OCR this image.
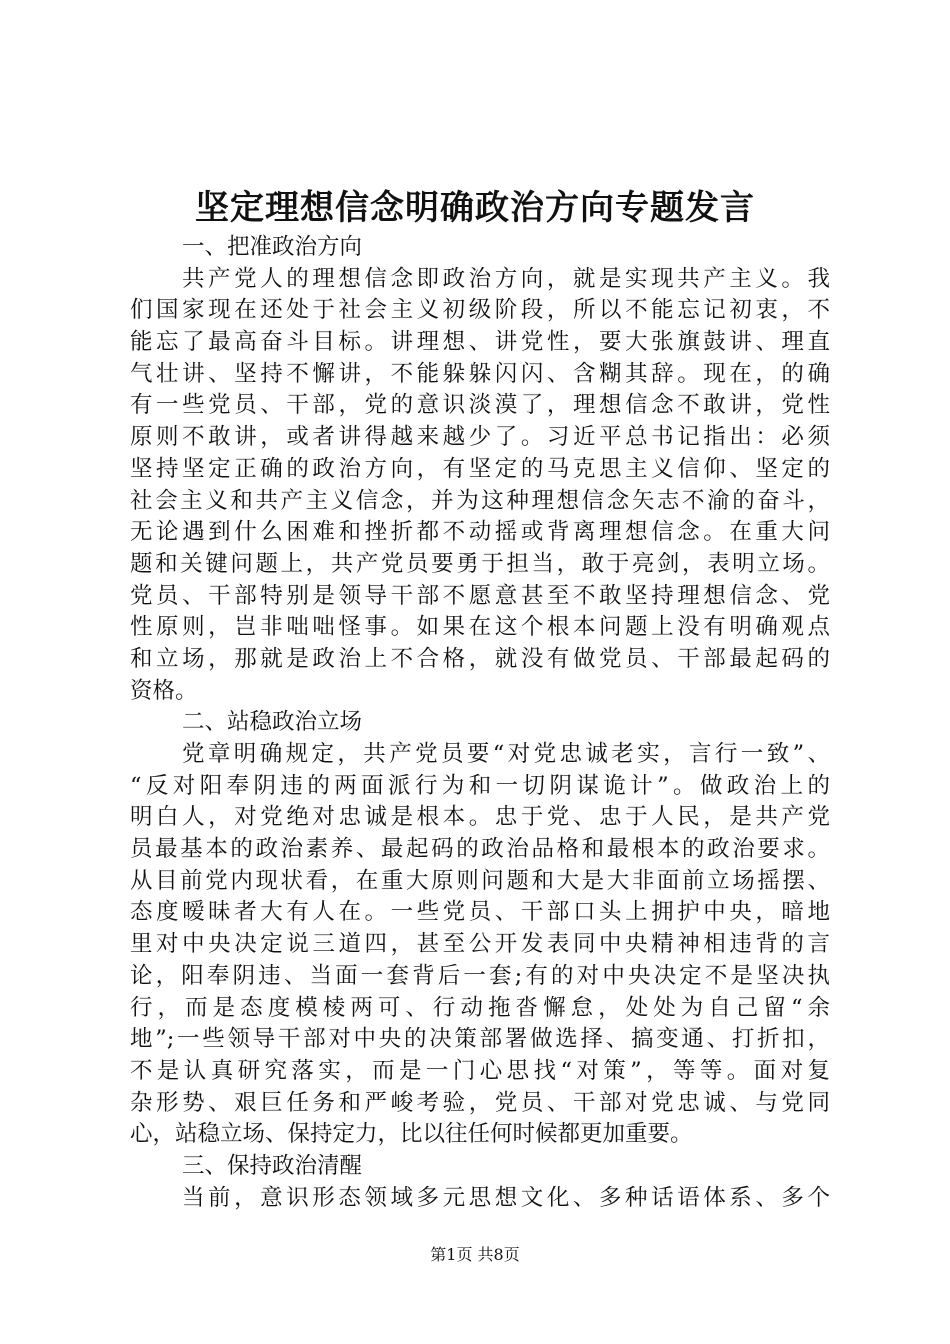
坚定理想信念明确政治方向专题发言
一、把准政治方向
共产党人的理想信念即政治方向，就是实现共产主义。我
们国家现在还处于社会主义初级阶段，所以不能忘记初衷，不
能忘了最高奋斗目标。讲理想、讲党性，要大张旗鼓讲、理直
气壮讲、坚持不懈讲，不能躲躲闪闪、含糊其辞。现在，的确
有一些党员、干部，党的意识淡漠了，理想信念不敢讲，党性
原则不敢讲，或者讲得越来越少了。习近平总书记指出：必须
坚持坚定正确的政治方向，有坚定的马克思主义信仰、坚定的
社会主义和共产主义信念，并为这种理想信念矢志不渝的奋斗，
无论遇到什么困难和挫折都不动摇或背离理想信念。在重大问
题和关键问题上，共产党员要勇于担当，敢于亮剑，表明立场。
党员、干部特别是领导干部不愿意甚至不敢坚持理想信念、党
性原则，岂非咄咄怪事。如果在这个根本问题上没有明确观点
和立场，那就是政治上不合格，就没有做党员、干部最起码的
资格。
二、站稳政治立场
党章明确规定，共产党员要“对党忠诚老实，言行一致”、
“反对阳奉阴违的两面派行为和一切阴谋诡计”。做政治上的
明白人，对党绝对忠诚是根本。忠于党、忠于人民，是共产党
员最基本的政治素养、最起码的政治品格和最根本的政治要求。
从目前党内现状看，在重大原则问题和大是大非面前立场摇摆、
态度暧昧者大有人在。一些党员、干部口头上拥护中央，暗地
里对中央决定说三道四，甚至公开发表同中央精神相违背的言
论，阳奉阴违、当面一套背后一套;有的对中央决定不是坚决执
行，而是态度模棱两可、行动拖沓懈怠，处处为自己留“余
地”;一些领导干部对中央的决策部署做选择、搞变通、打折扣，
不是认真研究落实，而是一门心思找“对策”，等等。面对复
杂形势、艰巨任务和严峻考验，党员、干部对党忠诚、与党同
心，站稳立场、保持定力，比以往任何时候都更加重要。
三、保持政治清醒
当前，意识形态领域多元思想文化、多种话语体系、多个
第1页 共8页
